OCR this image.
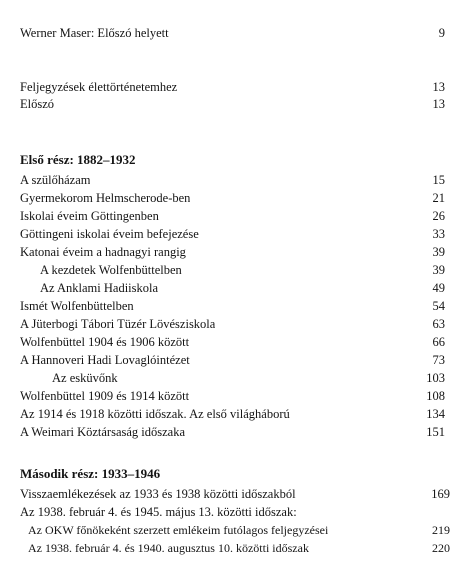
Werner Maser: Előszó helyett	9
Feljegyzések élettörténetemhez	13
Előszó	13
Első rész: 1882–1932
A szülőházam	15
Gyermekorom Helmscherode-ben	21
Iskolai éveim Göttingenben	26
Göttingeni iskolai éveim befejezése	33
Katonai éveim a hadnagyi rangig	39
A kezdetek Wolfenbüttelben	39
Az Anklami Hadiiskola	49
Ismét Wolfenbüttelben	54
A Jüterbogi Tábori Tüzér Lövésziskola	63
Wolfenbüttel 1904 és 1906 között	66
A Hannoveri Hadi Lovaglóintézet	73
Az esküvőnk	103
Wolfenbüttel 1909 és 1914 között	108
Az 1914 és 1918 közötti időszak. Az első világháború	134
A Weimari Köztársaság időszaka	151
Második rész: 1933–1946
Visszaemlékezések az 1933 és 1938 közötti időszakból	169
Az 1938. február 4. és 1945. május 13. közötti időszak:
Az OKW főnökeként szerzett emlékeim futólagos feljegyzései	219
Az 1938. február 4. és 1940. augusztus 10. közötti időszak	220
